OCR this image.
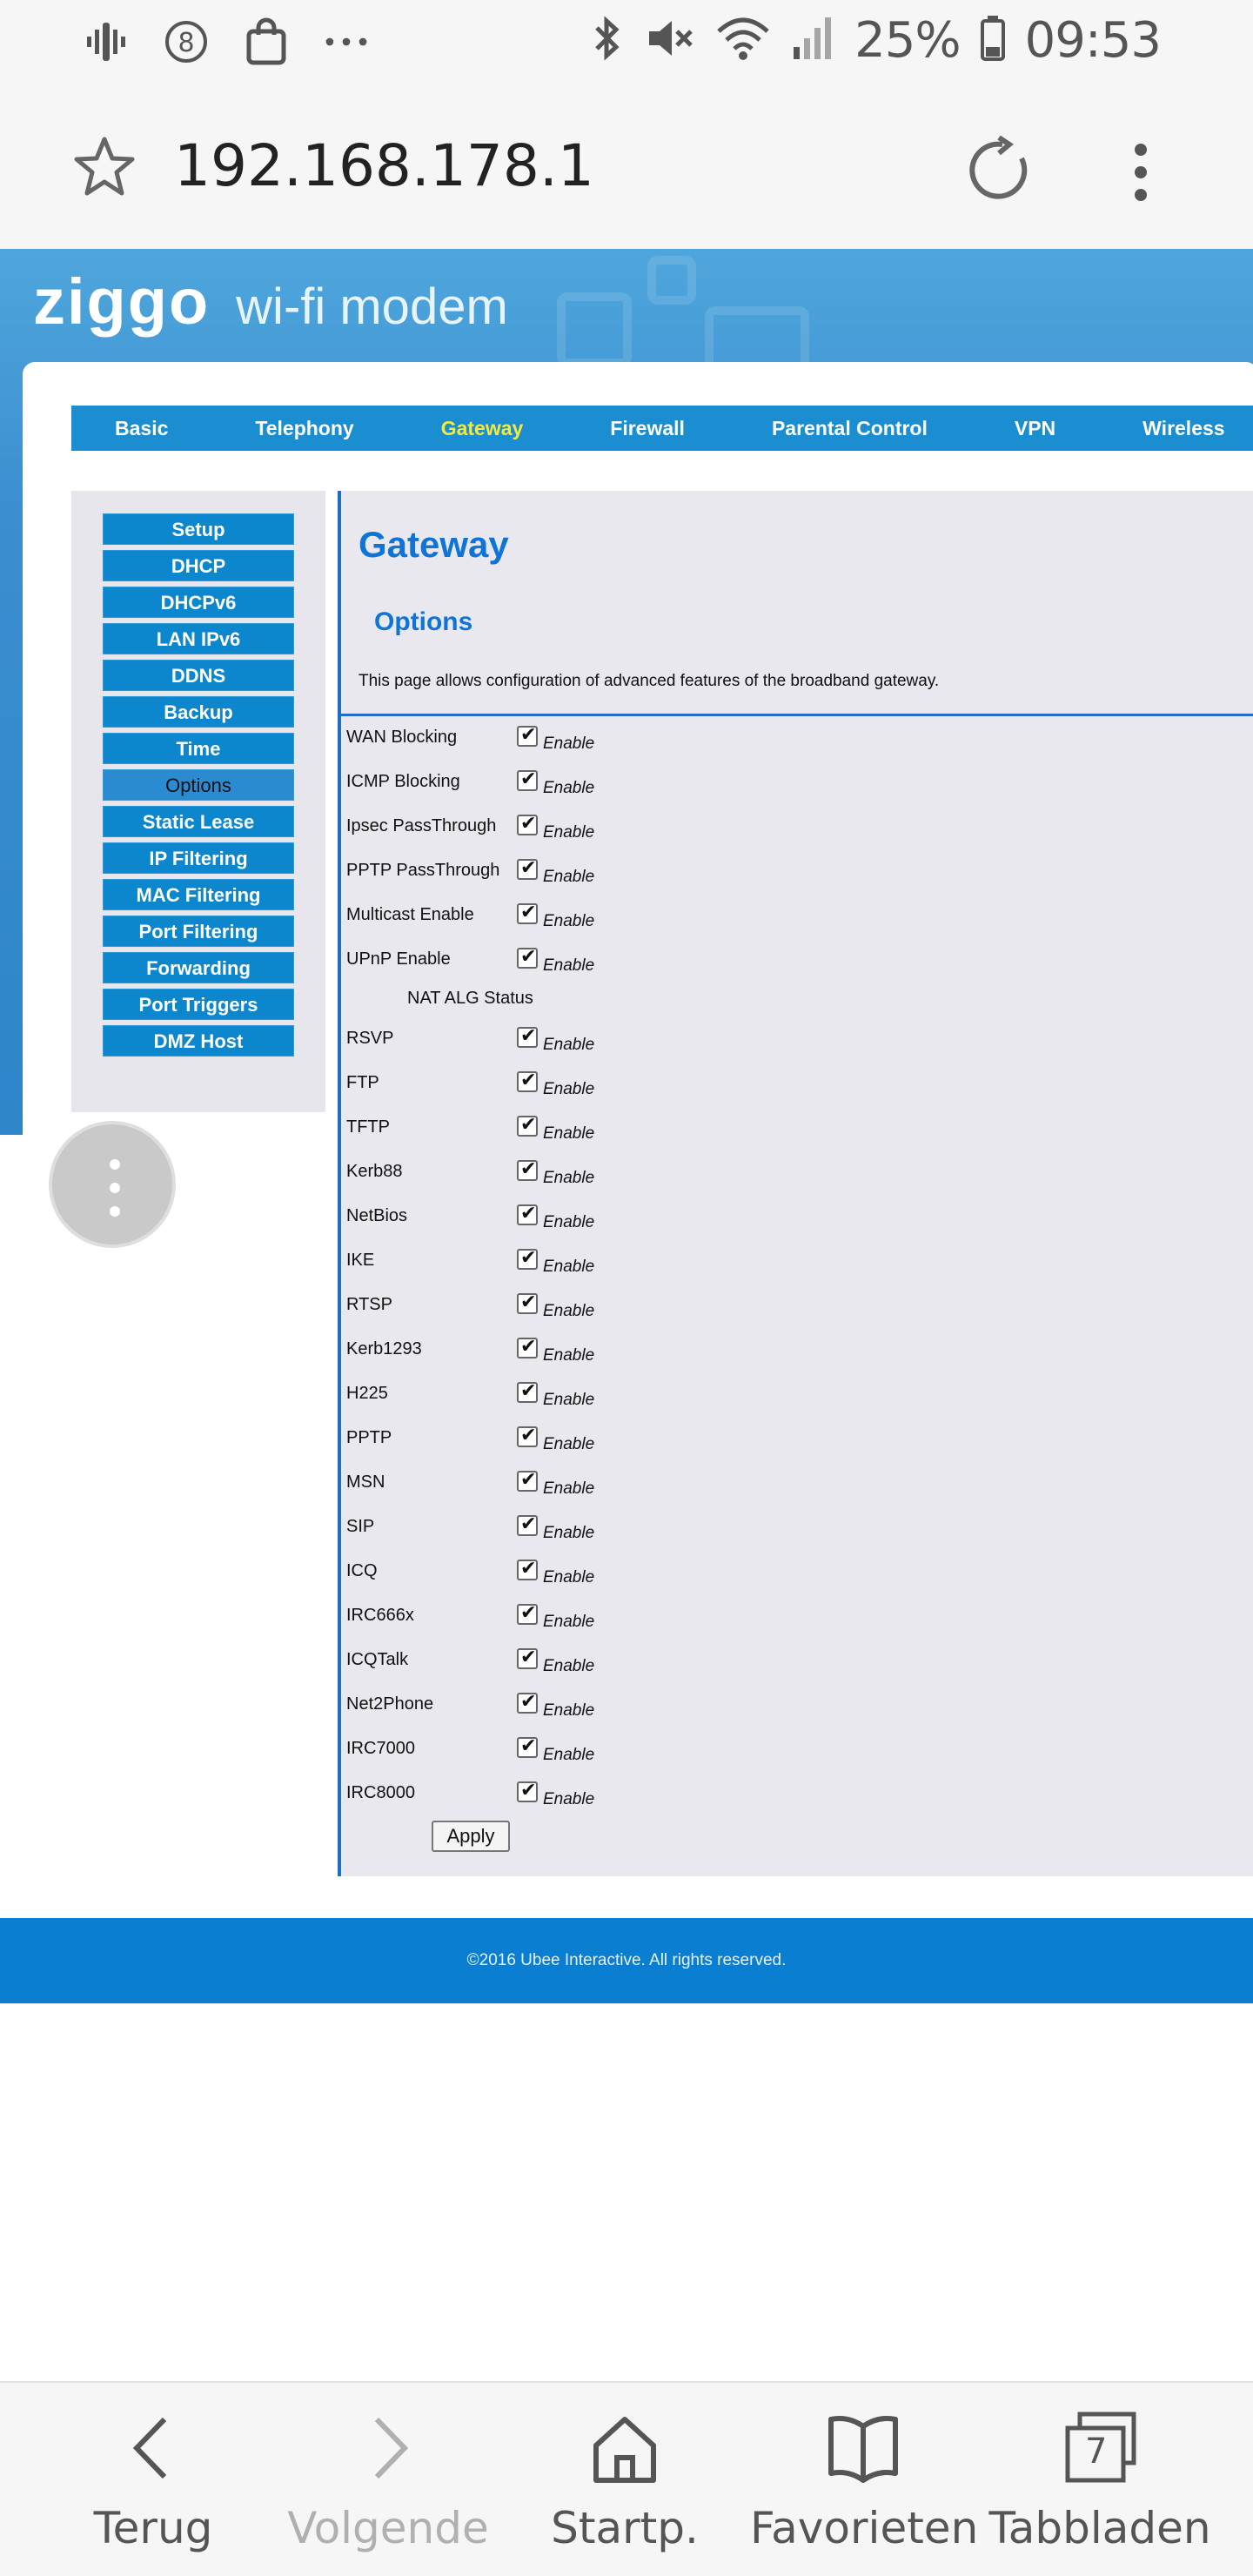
8	25% 09:53
192.168.178.1
ziggo wi-fi modem
Basic	Telephony	Gateway	Firewall	Parental Control	VPN	Wireless
Setup
DHCP
DHCPv6
LAN IPv6
DDNS
Backup
Time
Options
Static Lease
IP Filtering
MAC Filtering
Port Filtering
Forwarding
Port Triggers
DMZ Host
Gateway
Options
This page allows configuration of advanced features of the broadband gateway.
WAN Blocking ✔	Enable
ICMP Blocking ✔	Enable
Ipsec PassThrough ✔	Enable
PPTP PassThrough ✔	Enable
Multicast Enable ✔	Enable
UPnP Enable ✔	Enable
NAT ALG Status
RSVP ✔	Enable
FTP ✔	Enable
TFTP ✔	Enable
Kerb88 ✔	Enable
NetBios ✔	Enable
IKE ✔	Enable
RTSP ✔	Enable
Kerb1293 ✔	Enable
H225 ✔	Enable
PPTP ✔	Enable
MSN ✔	Enable
SIP ✔	Enable
ICQ ✔	Enable
IRC666x ✔	Enable
ICQTalk ✔	Enable
Net2Phone ✔	Enable
IRC7000 ✔	Enable
IRC8000 ✔	Enable
Apply
©2016 Ubee Interactive. All rights reserved.
Terug	Volgende	Startp.	Favorieten
7
Tabbladen
